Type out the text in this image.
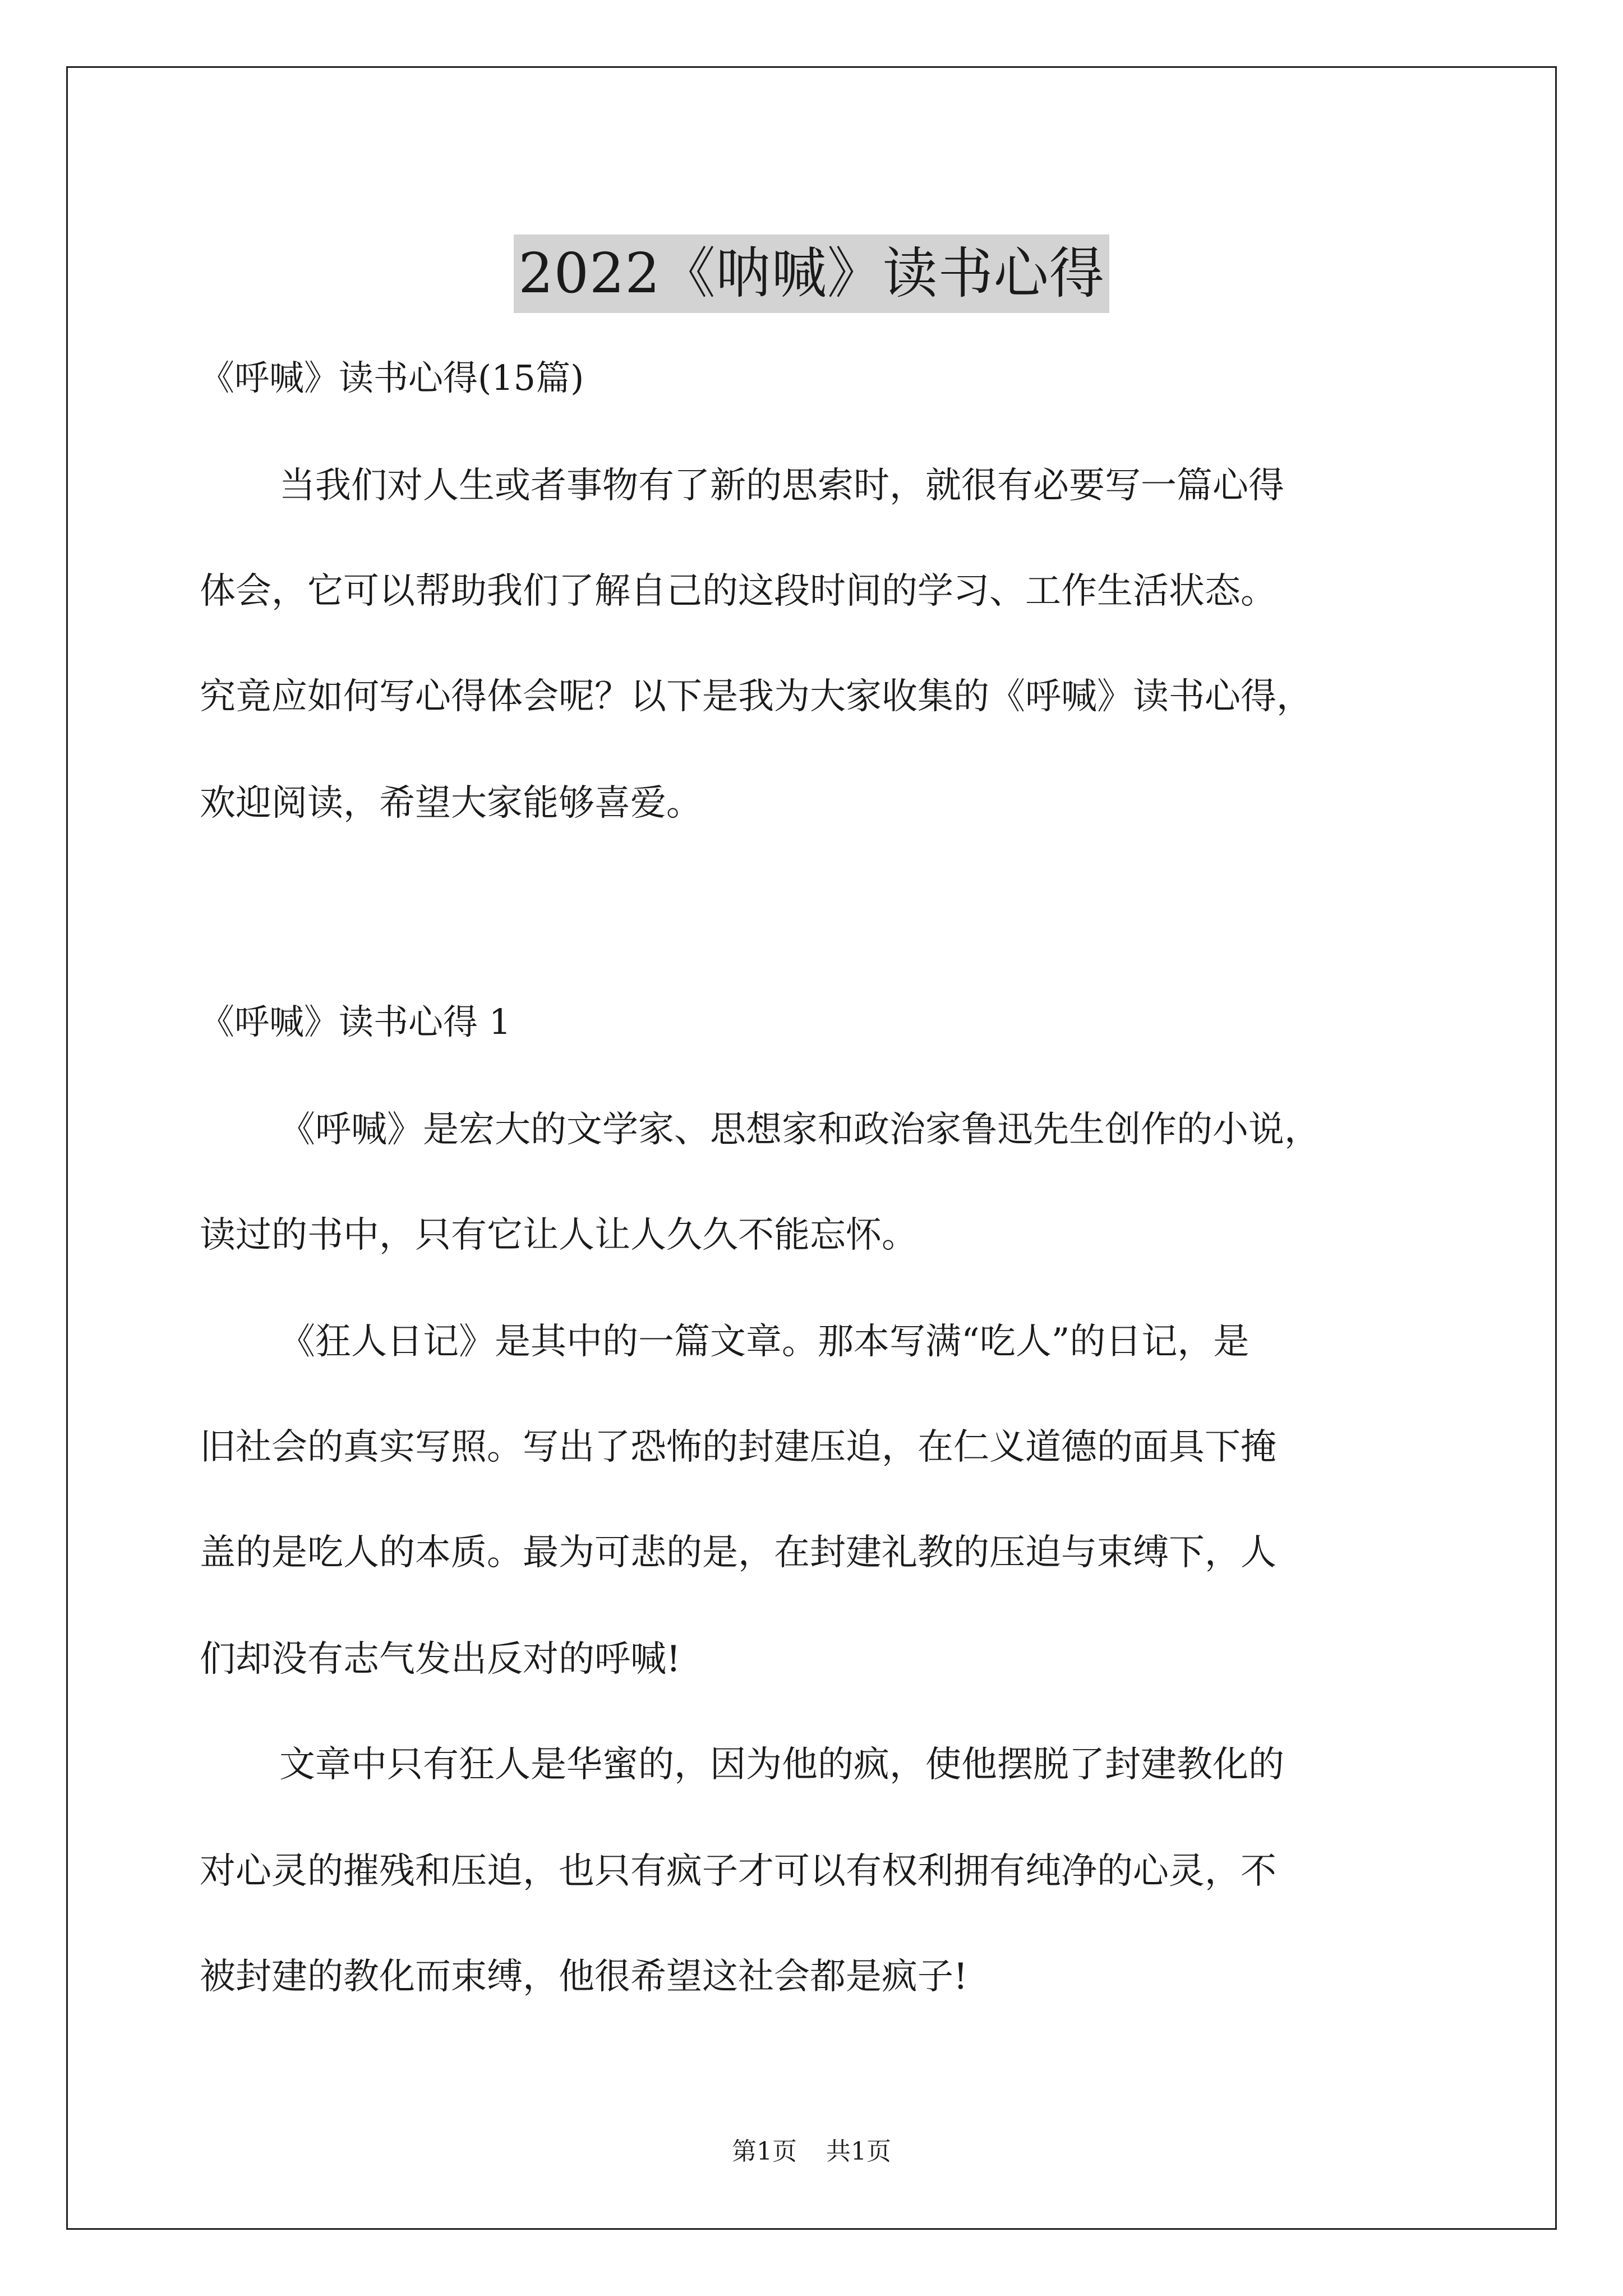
2022《呐喊》读书心得

《呼喊》读书心得(15篇)

当我们对人生或者事物有了新的思索时，就很有必要写一篇心得

体会，它可以帮助我们了解自己的这段时间的学习、工作生活状态。

究竟应如何写心得体会呢？以下是我为大家收集的《呼喊》读书心得，

欢迎阅读，希望大家能够喜爱。

《呼喊》读书心得 1

《呼喊》是宏大的文学家、思想家和政治家鲁迅先生创作的小说，

读过的书中，只有它让人让人久久不能忘怀。

《狂人日记》是其中的一篇文章。那本写满“吃人”的日记，是

旧社会的真实写照。写出了恐怖的封建压迫，在仁义道德的面具下掩

盖的是吃人的本质。最为可悲的是，在封建礼教的压迫与束缚下，人

们却没有志气发出反对的呼喊!

文章中只有狂人是华蜜的，因为他的疯，使他摆脱了封建教化的

对心灵的摧残和压迫，也只有疯子才可以有权利拥有纯净的心灵，不

被封建的教化而束缚，他很希望这社会都是疯子!

第1页 共1页
